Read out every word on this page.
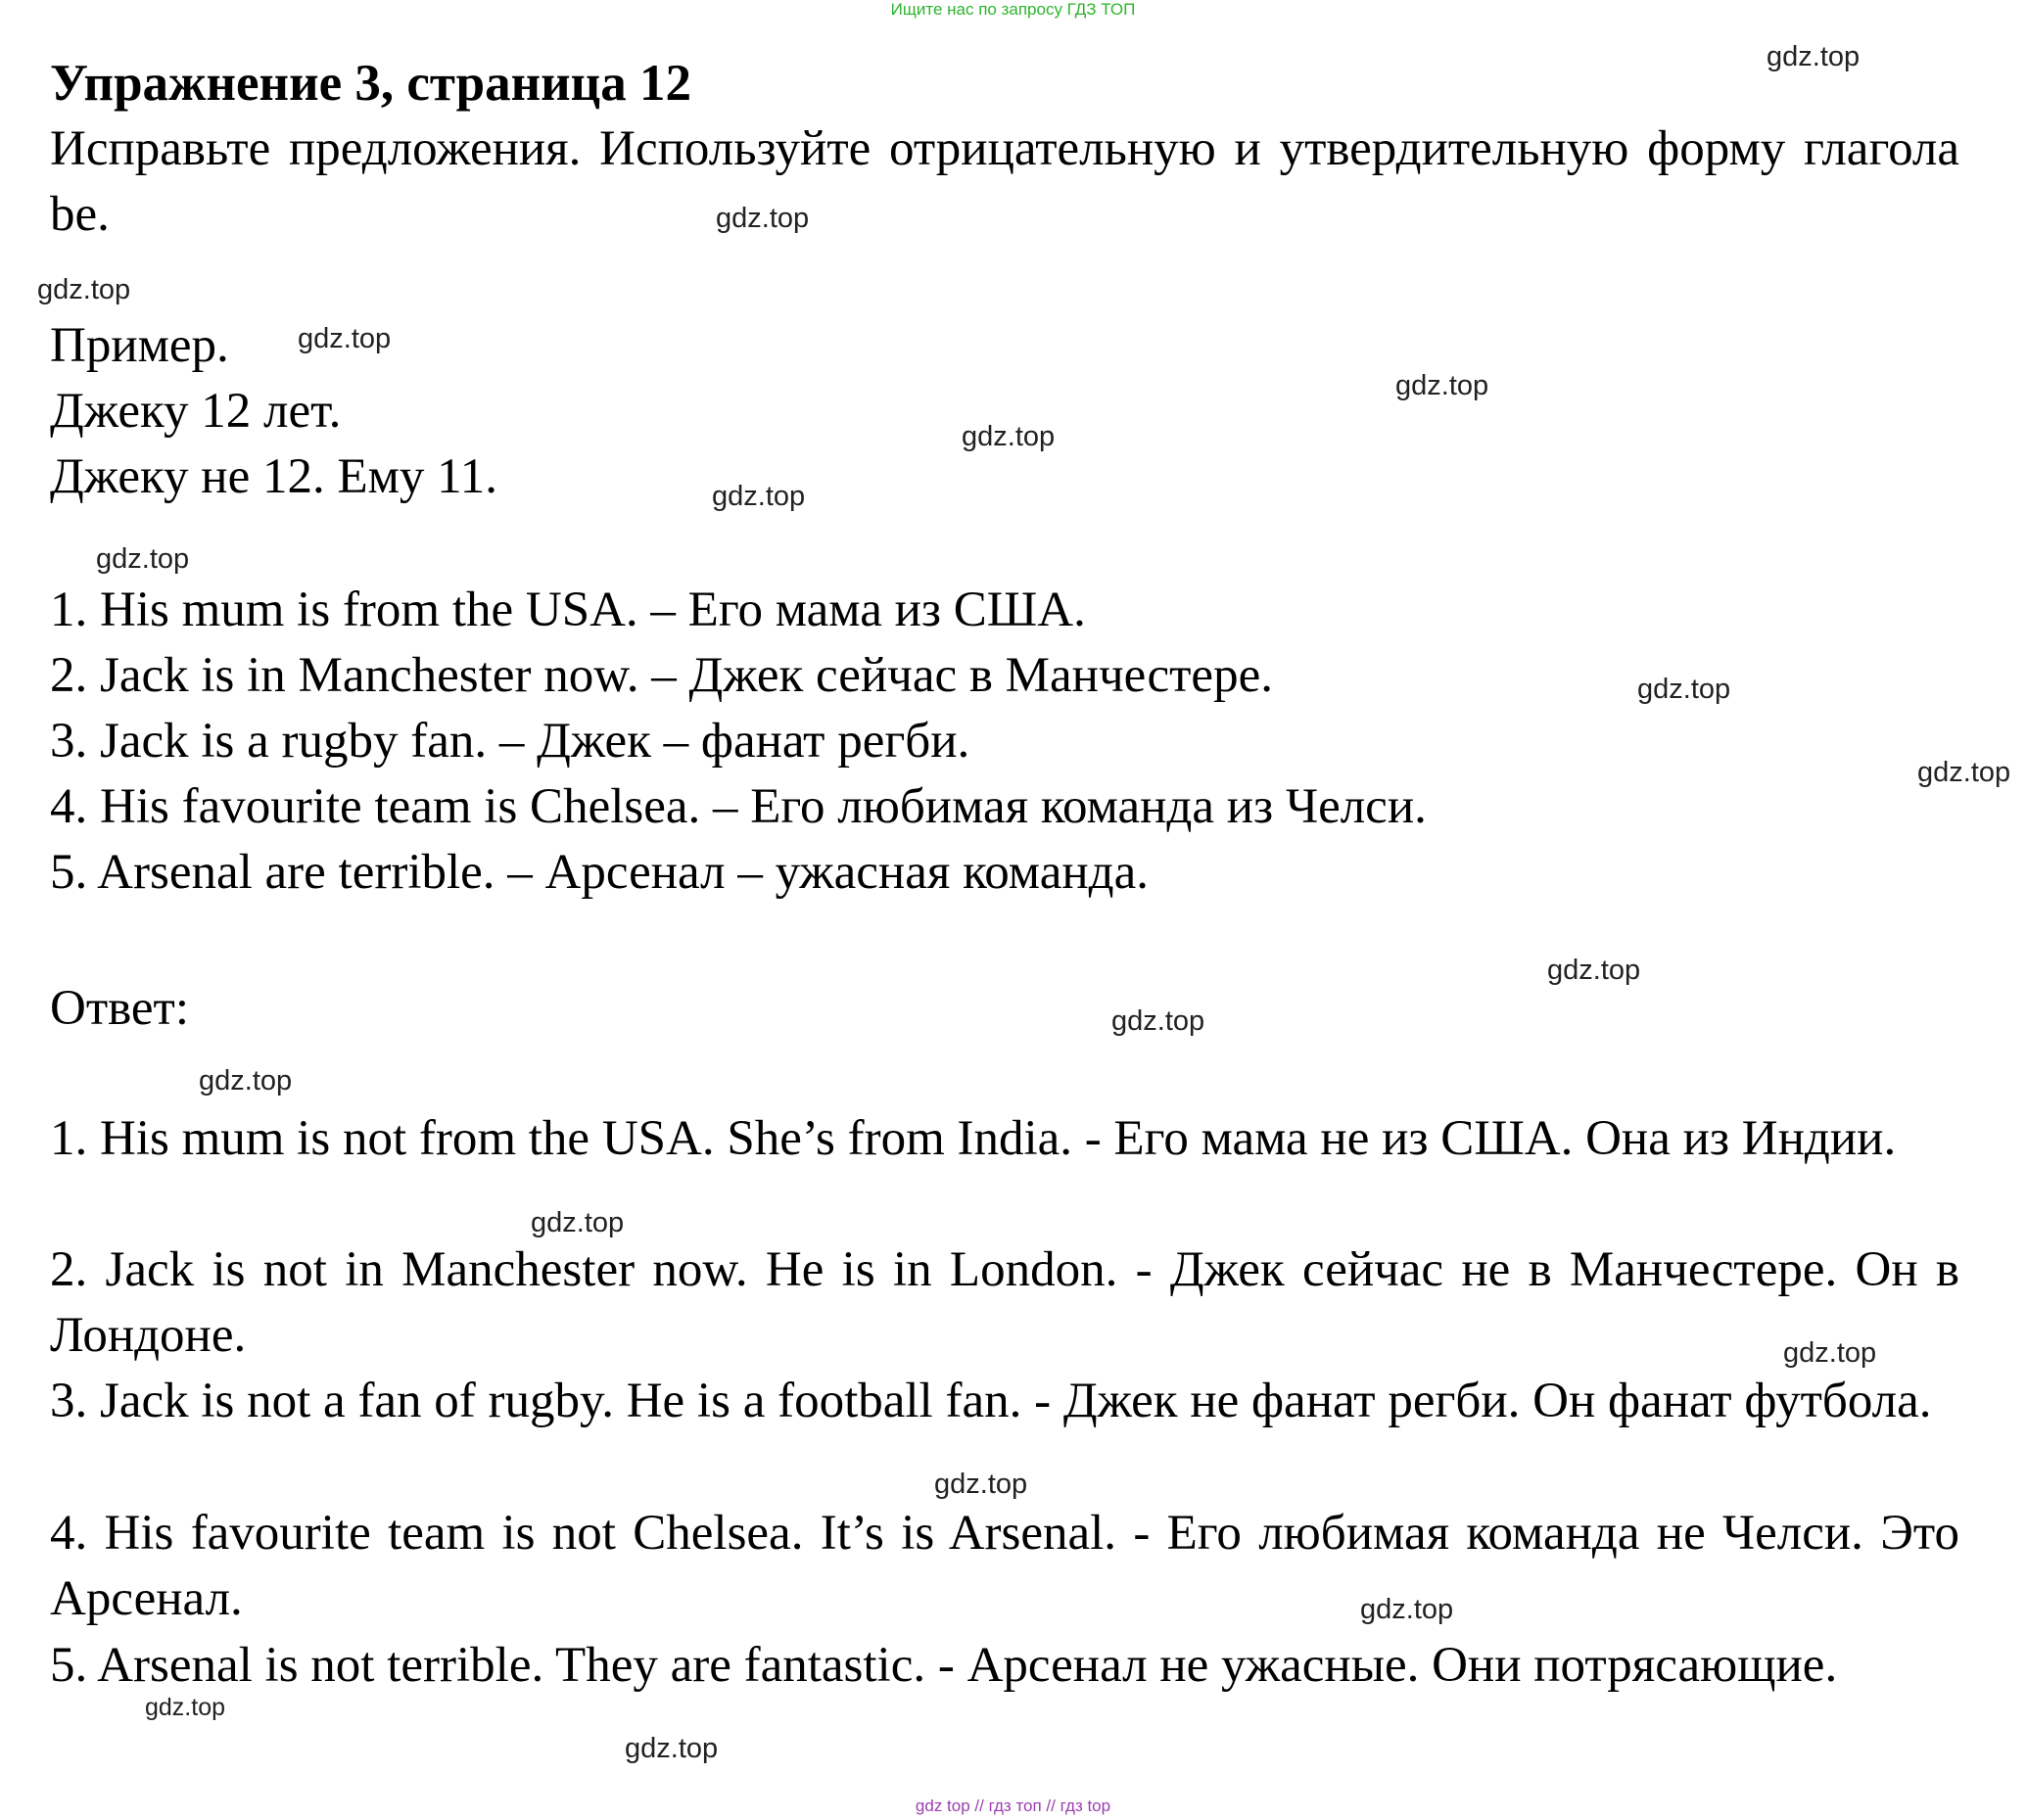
Ищите нас по запросу ГДЗ ТОП
Упражнение 3, страница 12

Исправьте предложения. Используйте отрицательную и утвердительную форму глагола be.

Пример.
Джеку 12 лет.
Джеку не 12. Ему 11.
1. His mum is from the USA. – Его мама из США.
2. Jack is in Manchester now. – Джек сейчас в Манчестере.
3. Jack is a rugby fan. – Джек – фанат регби.
4. His favourite team is Chelsea. – Его любимая команда из Челси.
5. Arsenal are terrible. – Арсенал – ужасная команда.
Ответ:

1. His mum is not from the USA. She’s from India. - Его мама не из США. Она из Индии.

2. Jack is not in Manchester now. He is in London. - Джек сейчас не в Манчестере. Он в Лондоне.

3. Jack is not a fan of rugby. He is a football fan. - Джек не фанат регби. Он фанат футбола.

4. His favourite team is not Chelsea. It’s is Arsenal. - Его любимая команда не Челси. Это Арсенал.

5. Arsenal is not terrible. They are fantastic. - Арсенал не ужасные. Они потрясающие.

gdz.top
gdz.top
gdz.top
gdz.top
gdz.top
gdz.top
gdz.top
gdz.top
gdz.top
gdz.top
gdz.top
gdz.top
gdz.top
gdz.top
gdz.top
gdz.top
gdz.top
gdz.top
gdz.top
gdz top // гдз топ // гдз top
